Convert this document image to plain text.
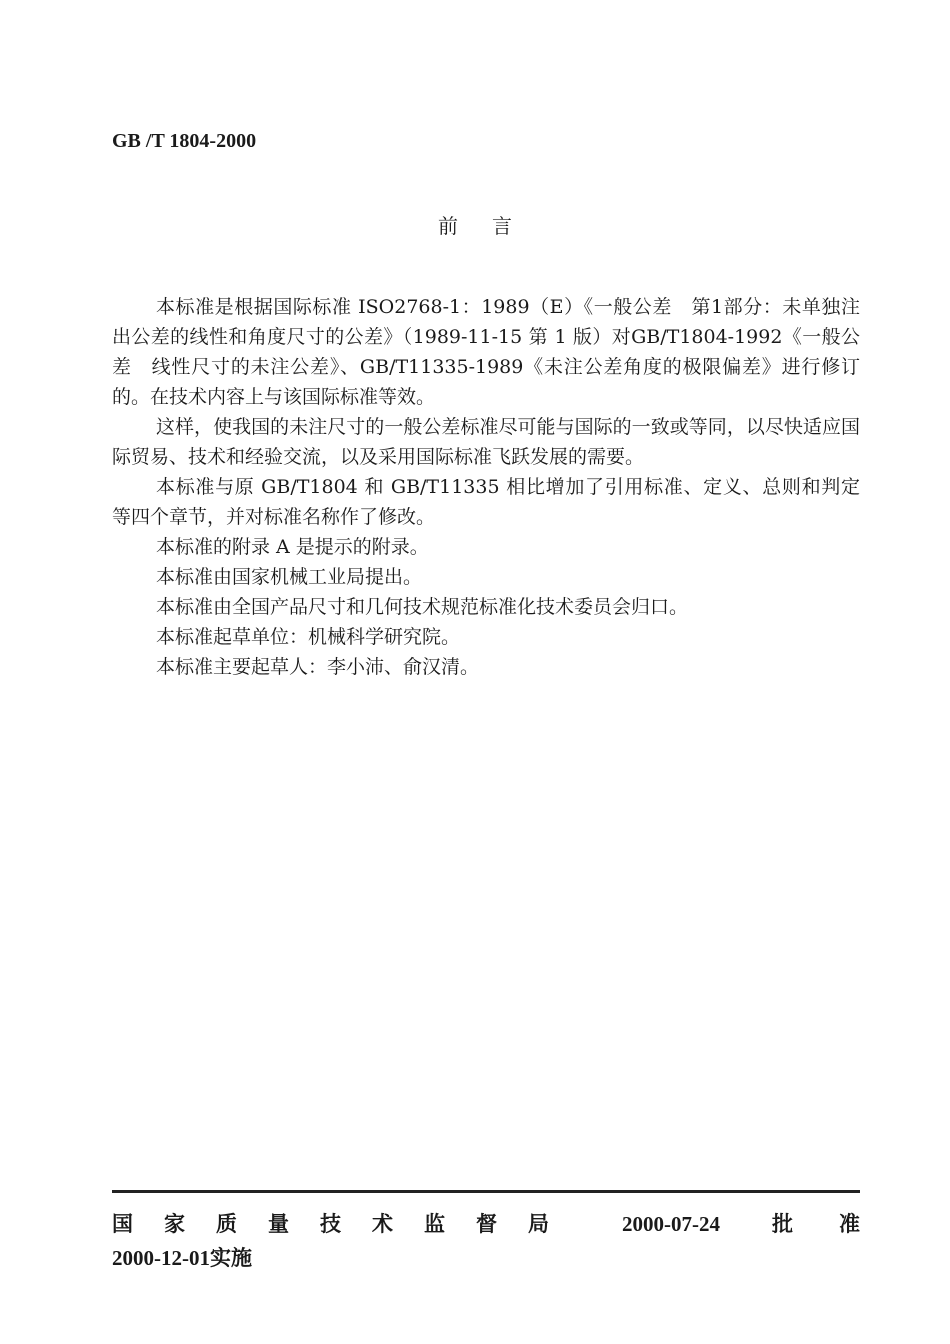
GB /T 1804-2000
前言

本标准是根据国际标准 ISO2768-1：1989（E）《一般公差　第1部分：未单独注出公差的线性和角度尺寸的公差》（1989-11-15 第 1 版）对GB/T1804-1992《一般公差　线性尺寸的未注公差》、GB/T11335-1989《未注公差角度的极限偏差》进行修订的。在技术内容上与该国际标准等效。

这样，使我国的未注尺寸的一般公差标准尽可能与国际的一致或等同，以尽快适应国际贸易、技术和经验交流，以及采用国际标准飞跃发展的需要。

本标准与原 GB/T1804 和 GB/T11335 相比增加了引用标准、定义、总则和判定等四个章节，并对标准名称作了修改。

本标准的附录 A 是提示的附录。

本标准由国家机械工业局提出。

本标准由全国产品尺寸和几何技术规范标准化技术委员会归口。

本标准起草单位：机械科学研究院。

本标准主要起草人：李小沛、俞汉清。

国家质量技术监督局 2000-07-24 批准
2000-12-01 实施
